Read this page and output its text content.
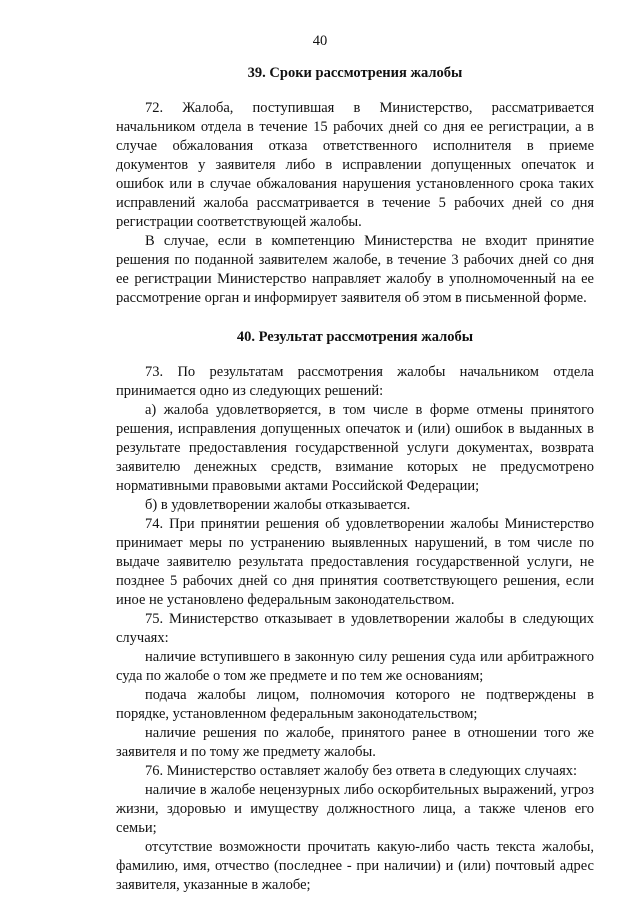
40
39. Сроки рассмотрения жалобы

72. Жалоба, поступившая в Министерство, рассматривается начальником отдела в течение 15 рабочих дней со дня ее регистрации, а в случае обжалования отказа ответственного исполнителя в приеме документов у заявителя либо в исправлении допущенных опечаток и ошибок или в случае обжалования нарушения установленного срока таких исправлений жалоба рассматривается в течение 5 рабочих дней со дня регистрации соответствующей жалобы.

В случае, если в компетенцию Министерства не входит принятие решения по поданной заявителем жалобе, в течение 3 рабочих дней со дня ее регистрации Министерство направляет жалобу в уполномоченный на ее рассмотрение орган и информирует заявителя об этом в письменной форме.

40. Результат рассмотрения жалобы

73. По результатам рассмотрения жалобы начальником отдела принимается одно из следующих решений:

а) жалоба удовлетворяется, в том числе в форме отмены принятого решения, исправления допущенных опечаток и (или) ошибок в выданных в результате предоставления государственной услуги документах, возврата заявителю денежных средств, взимание которых не предусмотрено нормативными правовыми актами Российской Федерации;

б) в удовлетворении жалобы отказывается.

74. При принятии решения об удовлетворении жалобы Министерство принимает меры по устранению выявленных нарушений, в том числе по выдаче заявителю результата предоставления государственной услуги, не позднее 5 рабочих дней со дня принятия соответствующего решения, если иное не установлено федеральным законодательством.

75. Министерство отказывает в удовлетворении жалобы в следующих случаях:

наличие вступившего в законную силу решения суда или арбитражного суда по жалобе о том же предмете и по тем же основаниям;

подача жалобы лицом, полномочия которого не подтверждены в порядке, установленном федеральным законодательством;

наличие решения по жалобе, принятого ранее в отношении того же заявителя и по тому же предмету жалобы.

76. Министерство оставляет жалобу без ответа в следующих случаях:

наличие в жалобе нецензурных либо оскорбительных выражений, угроз жизни, здоровью и имуществу должностного лица, а также членов его семьи;

отсутствие возможности прочитать какую-либо часть текста жалобы, фамилию, имя, отчество (последнее - при наличии) и (или) почтовый адрес заявителя, указанные в жалобе;
